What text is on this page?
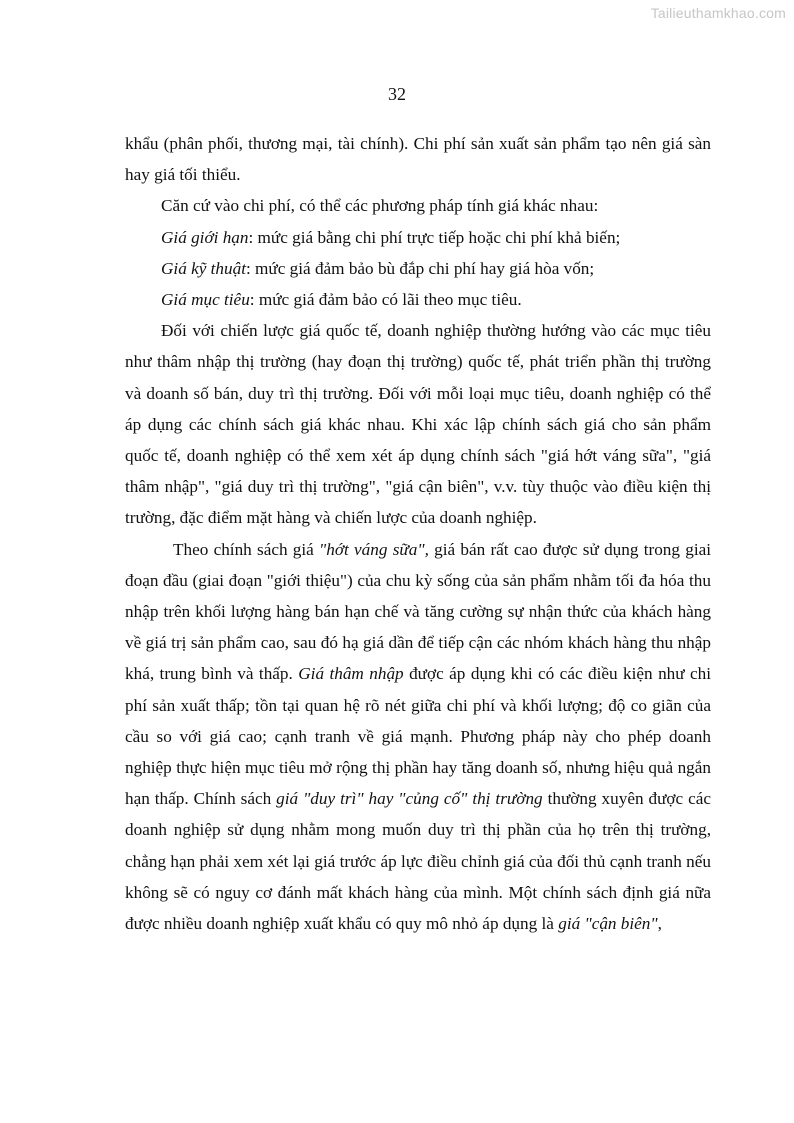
Tailieuthamkhao.com
32

khẩu (phân phối, thương mại, tài chính). Chi phí sản xuất sản phẩm tạo nên giá sàn hay giá tối thiểu.

Căn cứ vào chi phí, có thể các phương pháp tính giá khác nhau:

Giá giới hạn: mức giá bằng chi phí trực tiếp hoặc chi phí khả biến;

Giá kỹ thuật: mức giá đảm bảo bù đắp chi phí hay giá hòa vốn;

Giá mục tiêu: mức giá đảm bảo có lãi theo mục tiêu.

Đối với chiến lược giá quốc tế, doanh nghiệp thường hướng vào các mục tiêu như thâm nhập thị trường (hay đoạn thị trường) quốc tế, phát triển phần thị trường và doanh số bán, duy trì thị trường. Đối với mỗi loại mục tiêu, doanh nghiệp có thể áp dụng các chính sách giá khác nhau. Khi xác lập chính sách giá cho sản phẩm quốc tế, doanh nghiệp có thể xem xét áp dụng chính sách "giá hớt váng sữa", "giá thâm nhập", "giá duy trì thị trường", "giá cận biên", v.v. tùy thuộc vào điều kiện thị trường, đặc điểm mặt hàng và chiến lược của doanh nghiệp.

Theo chính sách giá "hớt váng sữa", giá bán rất cao được sử dụng trong giai đoạn đầu (giai đoạn "giới thiệu") của chu kỳ sống của sản phẩm nhằm tối đa hóa thu nhập trên khối lượng hàng bán hạn chế và tăng cường sự nhận thức của khách hàng về giá trị sản phẩm cao, sau đó hạ giá dần để tiếp cận các nhóm khách hàng thu nhập khá, trung bình và thấp. Giá thâm nhập được áp dụng khi có các điều kiện như chi phí sản xuất thấp; tồn tại quan hệ rõ nét giữa chi phí và khối lượng; độ co giãn của cầu so với giá cao; cạnh tranh về giá mạnh. Phương pháp này cho phép doanh nghiệp thực hiện mục tiêu mở rộng thị phần hay tăng doanh số, nhưng hiệu quả ngắn hạn thấp. Chính sách giá "duy trì" hay "củng cố" thị trường thường xuyên được các doanh nghiệp sử dụng nhằm mong muốn duy trì thị phần của họ trên thị trường, chẳng hạn phải xem xét lại giá trước áp lực điều chỉnh giá của đối thủ cạnh tranh nếu không sẽ có nguy cơ đánh mất khách hàng của mình. Một chính sách định giá nữa được nhiều doanh nghiệp xuất khẩu có quy mô nhỏ áp dụng là giá "cận biên",
